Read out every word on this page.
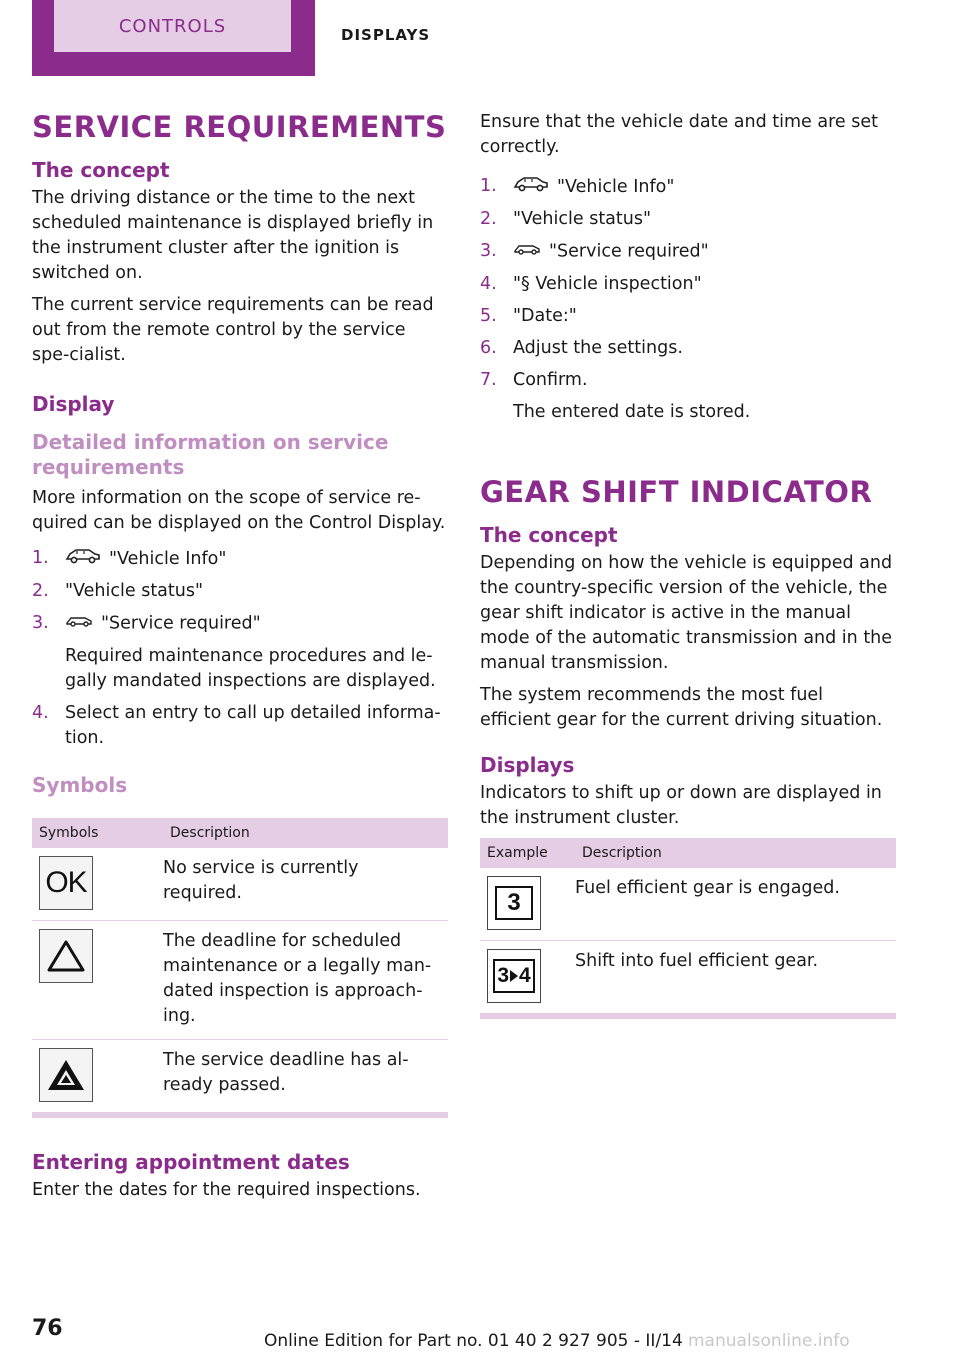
CONTROLS	DISPLAYS
SERVICE REQUIREMENTS
The concept

The driving distance or the time to the next scheduled maintenance is displayed briefly in the instrument cluster after the ignition is switched on.

The current service requirements can be read out from the remote control by the service spe-cialist.

Display
Detailed information on service requirements

More information on the scope of service re-quired can be displayed on the Control Display.

1.	"Vehicle Info"
2. "Vehicle status"
3.	"Service required"
Required maintenance procedures and le-gally mandated inspections are displayed.
4. Select an entry to call up detailed informa-tion.
Symbols
Symbols	Description

OK	No service is currently required.

	The deadline for scheduled maintenance or a legally man-dated inspection is approach-ing.

	The service deadline has al-ready passed.
Entering appointment dates

Enter the dates for the required inspections.

Ensure that the vehicle date and time are set correctly.

1.	"Vehicle Info"
2. "Vehicle status"
3.	"Service required"
4. "§ Vehicle inspection"
5. "Date:"
6. Adjust the settings.
7. Confirm.
The entered date is stored.
GEAR SHIFT INDICATOR
The concept

Depending on how the vehicle is equipped and the country-specific version of the vehicle, the gear shift indicator is active in the manual mode of the automatic transmission and in the manual transmission.

The system recommends the most fuel efficient gear for the current driving situation.

Displays

Indicators to shift up or down are displayed in the instrument cluster.

Example	Description

3	Fuel efficient gear is engaged.

3 4	Shift into fuel efficient gear.
76	Online Edition for Part no. 01 40 2 927 905 - II/14 manualsonline.info
